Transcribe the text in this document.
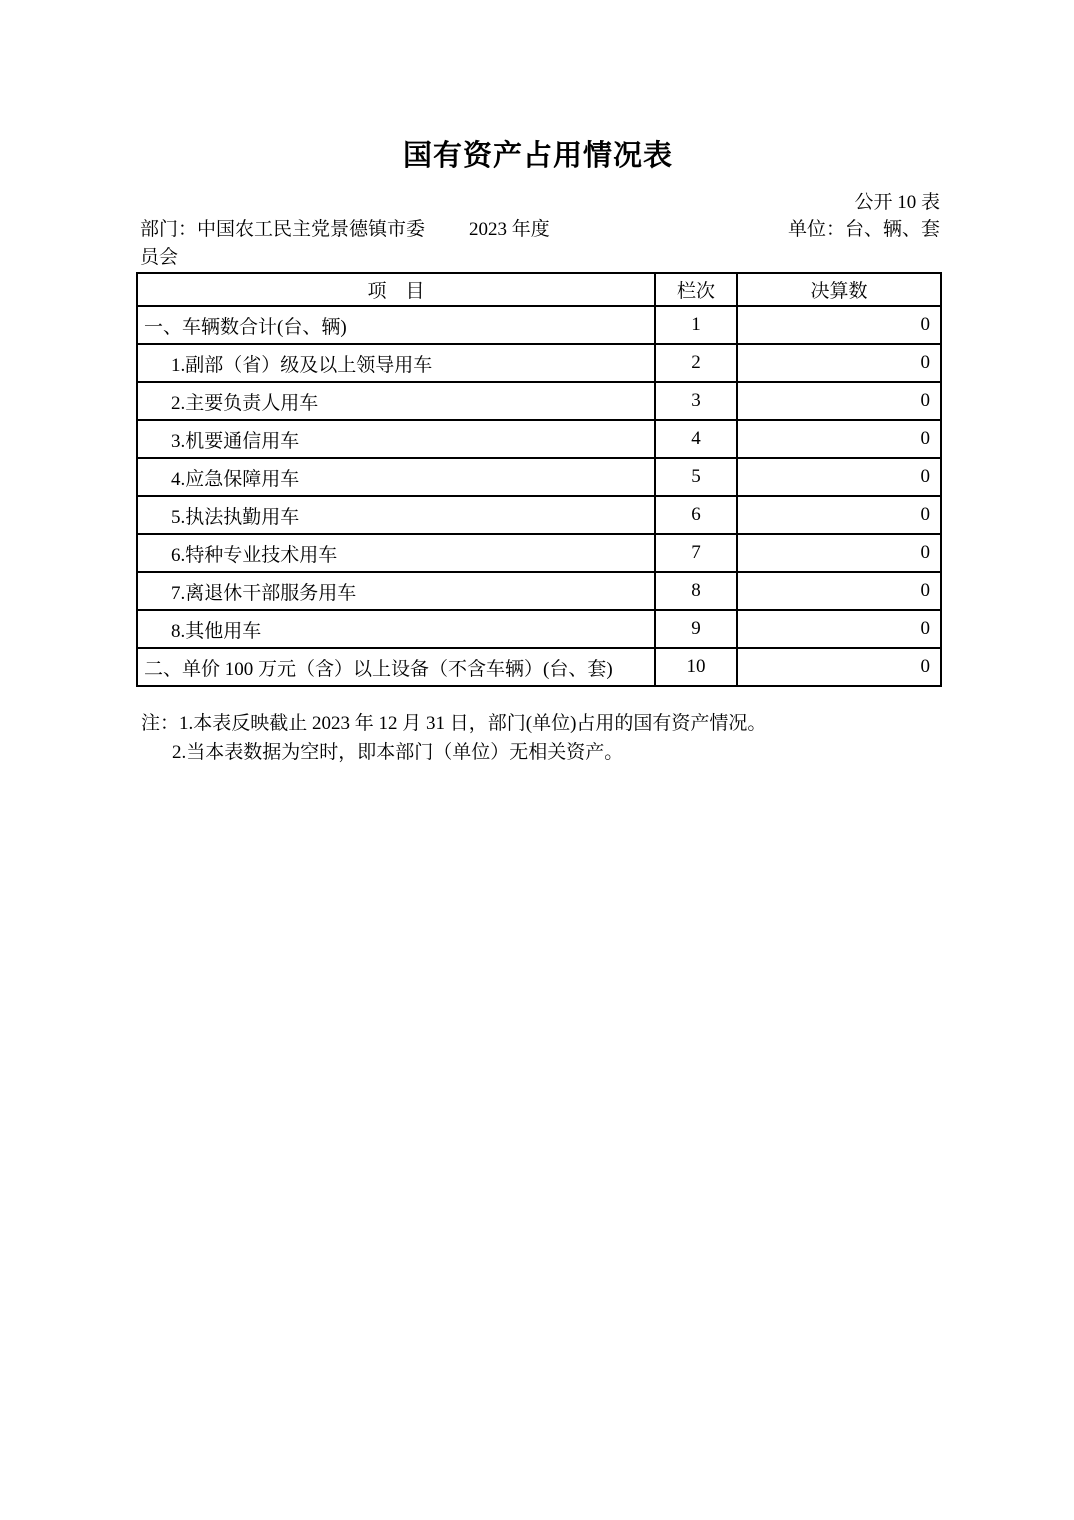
国有资产占用情况表
公开 10 表
部门：中国农工民主党景德镇市委
员会
2023 年度	单位：台、辆、套
项　目	栏次	决算数
一、车辆数合计(台、辆)	1	0
1.副部（省）级及以上领导用车	2	0
2.主要负责人用车	3	0
3.机要通信用车	4	0
4.应急保障用车	5	0
5.执法执勤用车	6	0
6.特种专业技术用车	7	0
7.离退休干部服务用车	8	0
8.其他用车	9	0
二、单价 100 万元（含）以上设备（不含车辆）(台、套)	10	0
注：1.本表反映截止 2023 年 12 月 31 日，部门(单位)占用的国有资产情况。
2.当本表数据为空时，即本部门（单位）无相关资产。
